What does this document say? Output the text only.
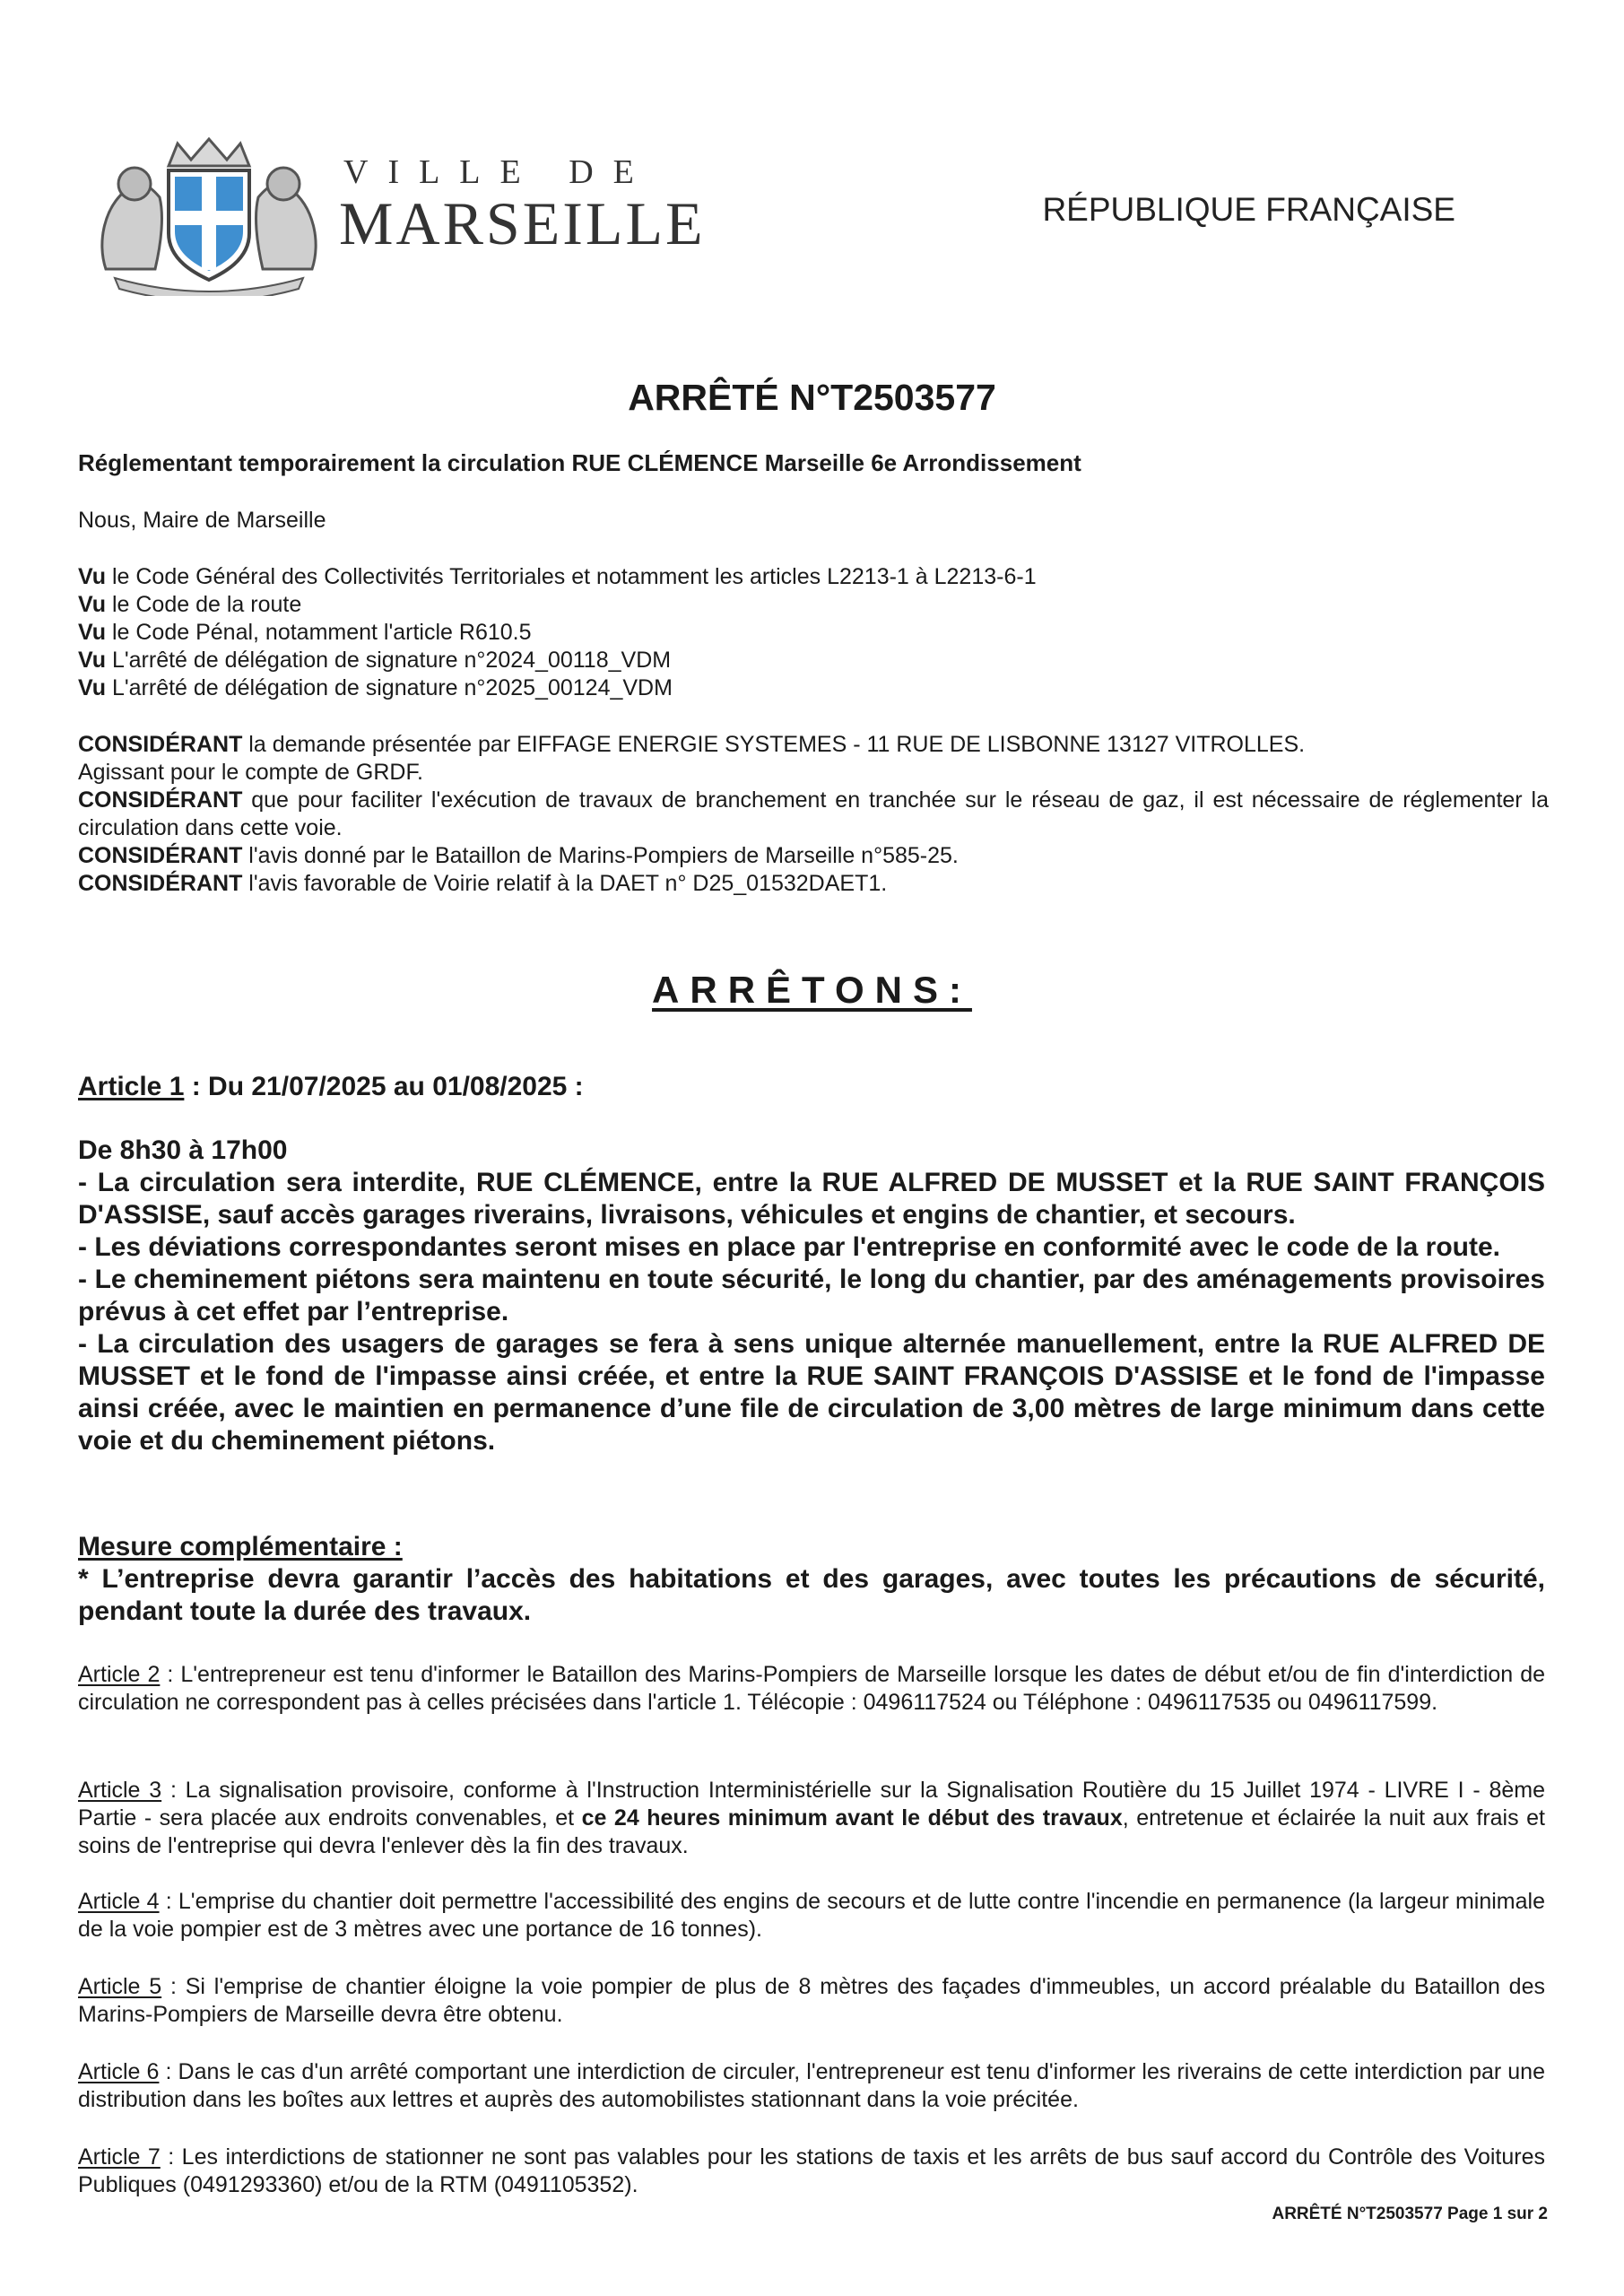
VILLE DE
MARSEILLE	RÉPUBLIQUE FRANÇAISE
ARRÊTÉ N°T2503577
Réglementant temporairement la circulation RUE CLÉMENCE Marseille 6e Arrondissement
Nous, Maire de Marseille
Vu le Code Général des Collectivités Territoriales et notamment les articles L2213-1 à L2213-6-1
Vu le Code de la route
Vu le Code Pénal, notamment l'article R610.5
Vu L'arrêté de délégation de signature n°2024_00118_VDM
Vu L'arrêté de délégation de signature n°2025_00124_VDM
CONSIDÉRANT la demande présentée par EIFFAGE ENERGIE SYSTEMES - 11 RUE DE LISBONNE 13127 VITROLLES.
Agissant pour le compte de GRDF.
CONSIDÉRANT que pour faciliter l'exécution de travaux de branchement en tranchée sur le réseau de gaz, il est nécessaire de réglementer la circulation dans cette voie.
CONSIDÉRANT l'avis donné par le Bataillon de Marins-Pompiers de Marseille n°585-25.
CONSIDÉRANT l'avis favorable de Voirie relatif à la DAET n° D25_01532DAET1.
ARRÊTONS:
Article 1 : Du 21/07/2025 au 01/08/2025 :
De 8h30 à 17h00
- La circulation sera interdite, RUE CLÉMENCE, entre la RUE ALFRED DE MUSSET et la RUE SAINT FRANÇOIS D'ASSISE, sauf accès garages riverains, livraisons, véhicules et engins de chantier, et secours.
- Les déviations correspondantes seront mises en place par l'entreprise en conformité avec le code de la route.
- Le cheminement piétons sera maintenu en toute sécurité, le long du chantier, par des aménagements provisoires prévus à cet effet par l’entreprise.
- La circulation des usagers de garages se fera à sens unique alternée manuellement, entre la RUE ALFRED DE MUSSET et le fond de l'impasse ainsi créée, et entre la RUE SAINT FRANÇOIS D'ASSISE et le fond de l'impasse ainsi créée, avec le maintien en permanence d’une file de circulation de 3,00 mètres de large minimum dans cette voie et du cheminement piétons.
Mesure complémentaire :
* L’entreprise devra garantir l’accès des habitations et des garages, avec toutes les précautions de sécurité, pendant toute la durée des travaux.
Article 2 : L'entrepreneur est tenu d'informer le Bataillon des Marins-Pompiers de Marseille lorsque les dates de début et/ou de fin d'interdiction de circulation ne correspondent pas à celles précisées dans l'article 1. Télécopie : 0496117524 ou Téléphone : 0496117535 ou 0496117599.
Article 3 : La signalisation provisoire, conforme à l'Instruction Interministérielle sur la Signalisation Routière du 15 Juillet 1974 - LIVRE I - 8ème Partie - sera placée aux endroits convenables, et ce 24 heures minimum avant le début des travaux, entretenue et éclairée la nuit aux frais et soins de l'entreprise qui devra l'enlever dès la fin des travaux.
Article 4 : L'emprise du chantier doit permettre l'accessibilité des engins de secours et de lutte contre l'incendie en permanence (la largeur minimale de la voie pompier est de 3 mètres avec une portance de 16 tonnes).
Article 5 : Si l'emprise de chantier éloigne la voie pompier de plus de 8 mètres des façades d'immeubles, un accord préalable du Bataillon des Marins-Pompiers de Marseille devra être obtenu.
Article 6 : Dans le cas d'un arrêté comportant une interdiction de circuler, l'entrepreneur est tenu d'informer les riverains de cette interdiction par une distribution dans les boîtes aux lettres et auprès des automobilistes stationnant dans la voie précitée.
Article 7 : Les interdictions de stationner ne sont pas valables pour les stations de taxis et les arrêts de bus sauf accord du Contrôle des Voitures Publiques (0491293360) et/ou de la RTM (0491105352).
ARRÊTÉ N°T2503577 Page 1 sur 2
